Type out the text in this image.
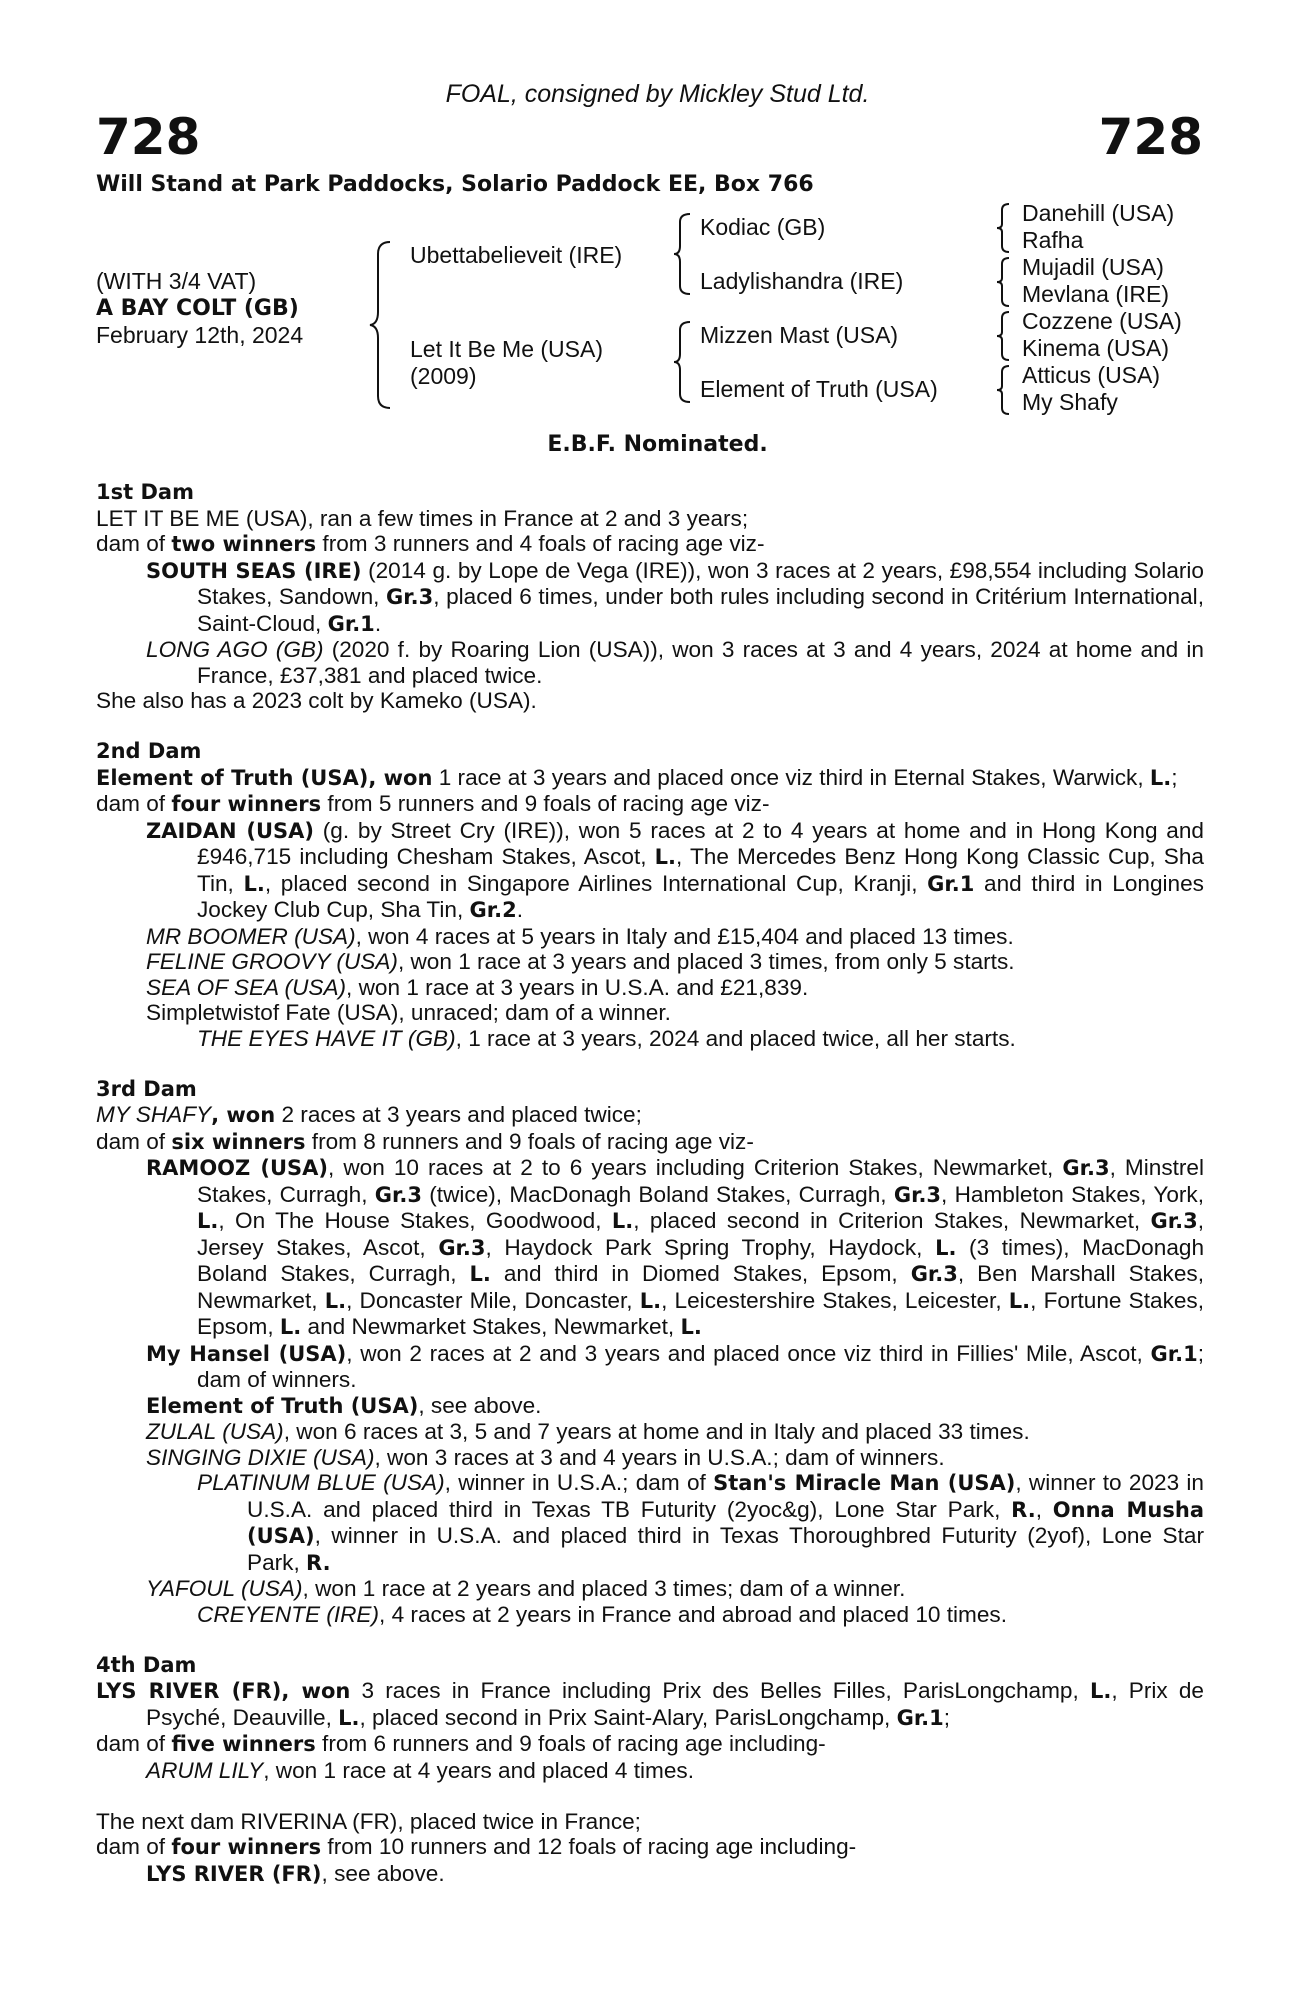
FOAL, consigned by Mickley Stud Ltd.
728	728
Will Stand at Park Paddocks, Solario Paddock EE, Box 766
(WITH 3/4 VAT)
A BAY COLT (GB)
February 12th, 2024
Ubettabelieveit (IRE)
Let It Be Me (USA)
(2009)
Kodiac (GB)
Ladylishandra (IRE)
Mizzen Mast (USA)
Element of Truth (USA)
Danehill (USA)
Rafha
Mujadil (USA)
Mevlana (IRE)
Cozzene (USA)
Kinema (USA)
Atticus (USA)
My Shafy
E.B.F. Nominated.
1st Dam
LET IT BE ME (USA), ran a few times in France at 2 and 3 years;
dam of two winners from 3 runners and 4 foals of racing age viz-
SOUTH SEAS (IRE) (2014 g. by Lope de Vega (IRE)), won 3 races at 2 years, £98,554 including Solario Stakes, Sandown, Gr.3, placed 6 times, under both rules including second in Critérium International, Saint-Cloud, Gr.1.
LONG AGO (GB) (2020 f. by Roaring Lion (USA)), won 3 races at 3 and 4 years, 2024 at home and in France, £37,381 and placed twice.
She also has a 2023 colt by Kameko (USA).
2nd Dam
Element of Truth (USA), won 1 race at 3 years and placed once viz third in Eternal Stakes, Warwick, L.;
dam of four winners from 5 runners and 9 foals of racing age viz-
ZAIDAN (USA) (g. by Street Cry (IRE)), won 5 races at 2 to 4 years at home and in Hong Kong and £946,715 including Chesham Stakes, Ascot, L., The Mercedes Benz Hong Kong Classic Cup, Sha Tin, L., placed second in Singapore Airlines International Cup, Kranji, Gr.1 and third in Longines Jockey Club Cup, Sha Tin, Gr.2.
MR BOOMER (USA), won 4 races at 5 years in Italy and £15,404 and placed 13 times.
FELINE GROOVY (USA), won 1 race at 3 years and placed 3 times, from only 5 starts.
SEA OF SEA (USA), won 1 race at 3 years in U.S.A. and £21,839.
Simpletwistof Fate (USA), unraced; dam of a winner.
THE EYES HAVE IT (GB), 1 race at 3 years, 2024 and placed twice, all her starts.
3rd Dam
MY SHAFY, won 2 races at 3 years and placed twice;
dam of six winners from 8 runners and 9 foals of racing age viz-
RAMOOZ (USA), won 10 races at 2 to 6 years including Criterion Stakes, Newmarket, Gr.3, Minstrel Stakes, Curragh, Gr.3 (twice), MacDonagh Boland Stakes, Curragh, Gr.3, Hambleton Stakes, York, L., On The House Stakes, Goodwood, L., placed second in Criterion Stakes, Newmarket, Gr.3, Jersey Stakes, Ascot, Gr.3, Haydock Park Spring Trophy, Haydock, L. (3 times), MacDonagh Boland Stakes, Curragh, L. and third in Diomed Stakes, Epsom, Gr.3, Ben Marshall Stakes, Newmarket, L., Doncaster Mile, Doncaster, L., Leicestershire Stakes, Leicester, L., Fortune Stakes, Epsom, L. and Newmarket Stakes, Newmarket, L.
My Hansel (USA), won 2 races at 2 and 3 years and placed once viz third in Fillies' Mile, Ascot, Gr.1; dam of winners.
Element of Truth (USA), see above.
ZULAL (USA), won 6 races at 3, 5 and 7 years at home and in Italy and placed 33 times.
SINGING DIXIE (USA), won 3 races at 3 and 4 years in U.S.A.; dam of winners.
PLATINUM BLUE (USA), winner in U.S.A.; dam of Stan's Miracle Man (USA), winner to 2023 in U.S.A. and placed third in Texas TB Futurity (2yoc&g), Lone Star Park, R., Onna Musha (USA), winner in U.S.A. and placed third in Texas Thoroughbred Futurity (2yof), Lone Star Park, R.
YAFOUL (USA), won 1 race at 2 years and placed 3 times; dam of a winner.
CREYENTE (IRE), 4 races at 2 years in France and abroad and placed 10 times.
4th Dam
LYS RIVER (FR), won 3 races in France including Prix des Belles Filles, ParisLongchamp, L., Prix de Psyché, Deauville, L., placed second in Prix Saint-Alary, ParisLongchamp, Gr.1;
dam of five winners from 6 runners and 9 foals of racing age including-
ARUM LILY, won 1 race at 4 years and placed 4 times.
The next dam RIVERINA (FR), placed twice in France;
dam of four winners from 10 runners and 12 foals of racing age including-
LYS RIVER (FR), see above.
